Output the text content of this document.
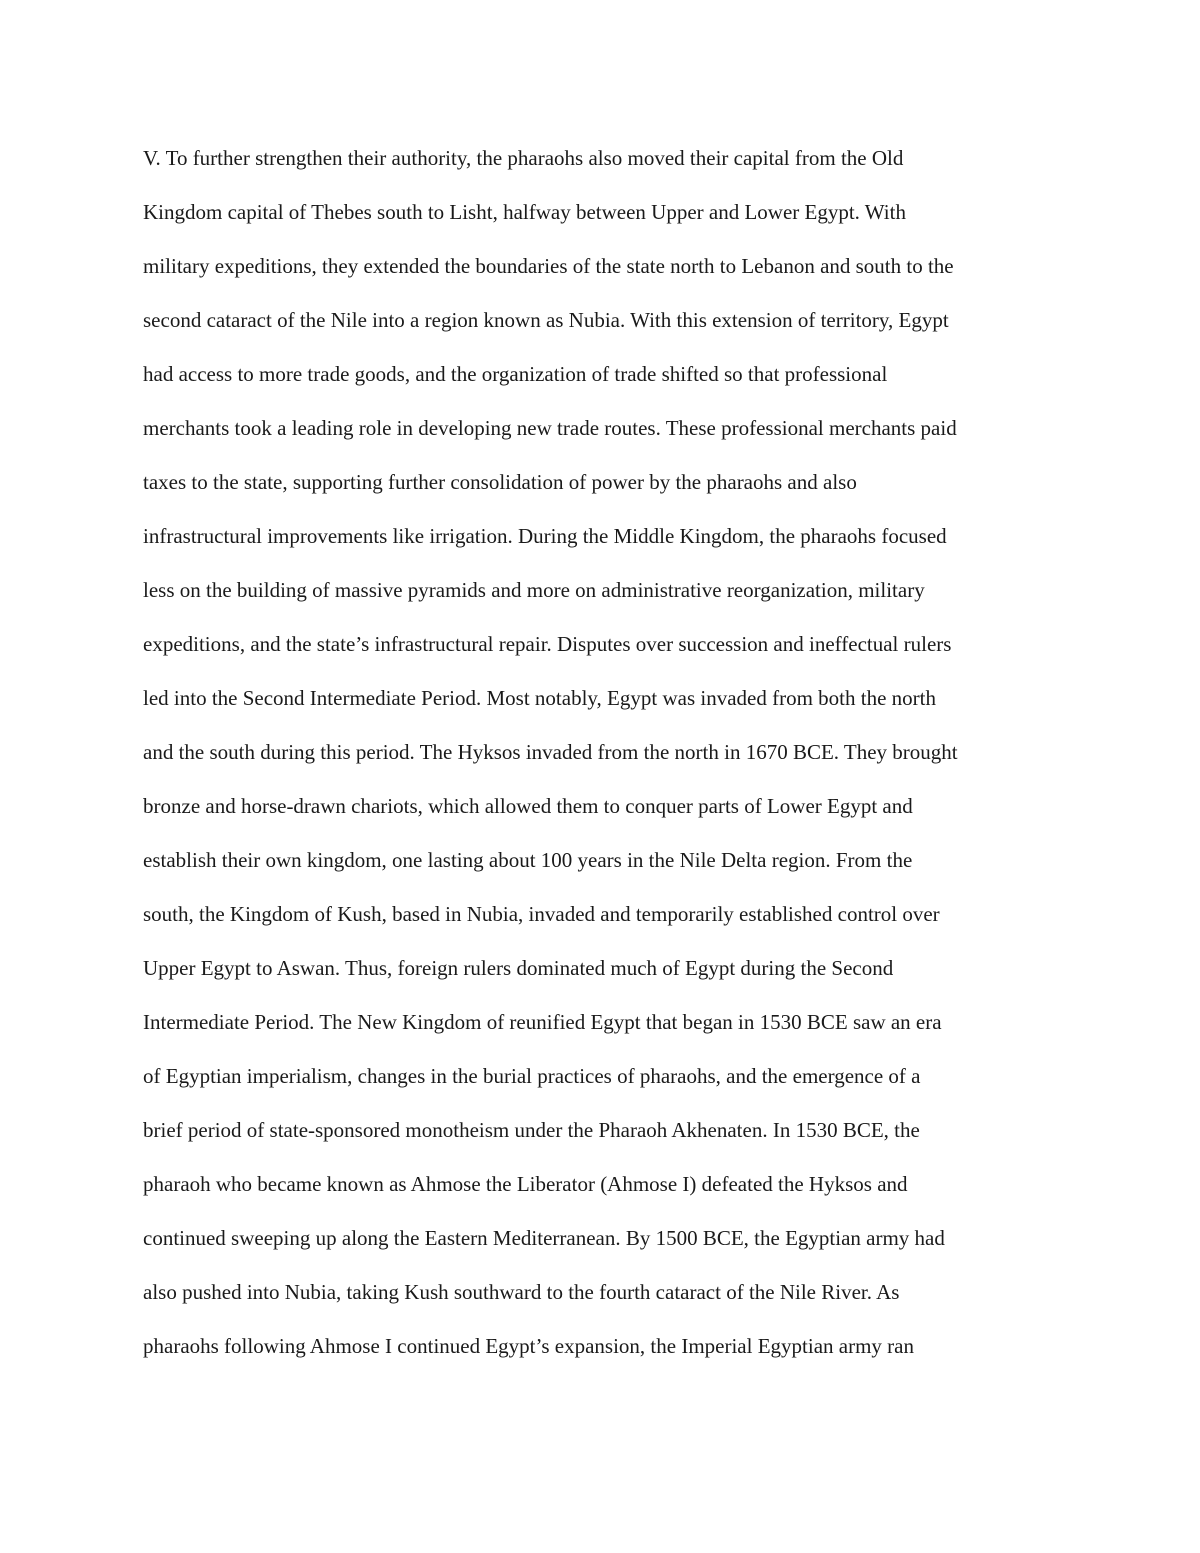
V. To further strengthen their authority, the pharaohs also moved their capital from the Old
Kingdom capital of Thebes south to Lisht, halfway between Upper and Lower Egypt. With
military expeditions, they extended the boundaries of the state north to Lebanon and south to the
second cataract of the Nile into a region known as Nubia. With this extension of territory, Egypt
had access to more trade goods, and the organization of trade shifted so that professional
merchants took a leading role in developing new trade routes. These professional merchants paid
taxes to the state, supporting further consolidation of power by the pharaohs and also
infrastructural improvements like irrigation. During the Middle Kingdom, the pharaohs focused
less on the building of massive pyramids and more on administrative reorganization, military
expeditions, and the state’s infrastructural repair. Disputes over succession and ineffectual rulers
led into the Second Intermediate Period. Most notably, Egypt was invaded from both the north
and the south during this period. The Hyksos invaded from the north in 1670 BCE. They brought
bronze and horse-drawn chariots, which allowed them to conquer parts of Lower Egypt and
establish their own kingdom, one lasting about 100 years in the Nile Delta region. From the
south, the Kingdom of Kush, based in Nubia, invaded and temporarily established control over
Upper Egypt to Aswan. Thus, foreign rulers dominated much of Egypt during the Second
Intermediate Period. The New Kingdom of reunified Egypt that began in 1530 BCE saw an era
of Egyptian imperialism, changes in the burial practices of pharaohs, and the emergence of a
brief period of state-sponsored monotheism under the Pharaoh Akhenaten. In 1530 BCE, the
pharaoh who became known as Ahmose the Liberator (Ahmose I) defeated the Hyksos and
continued sweeping up along the Eastern Mediterranean. By 1500 BCE, the Egyptian army had
also pushed into Nubia, taking Kush southward to the fourth cataract of the Nile River. As
pharaohs following Ahmose I continued Egypt’s expansion, the Imperial Egyptian army ran
